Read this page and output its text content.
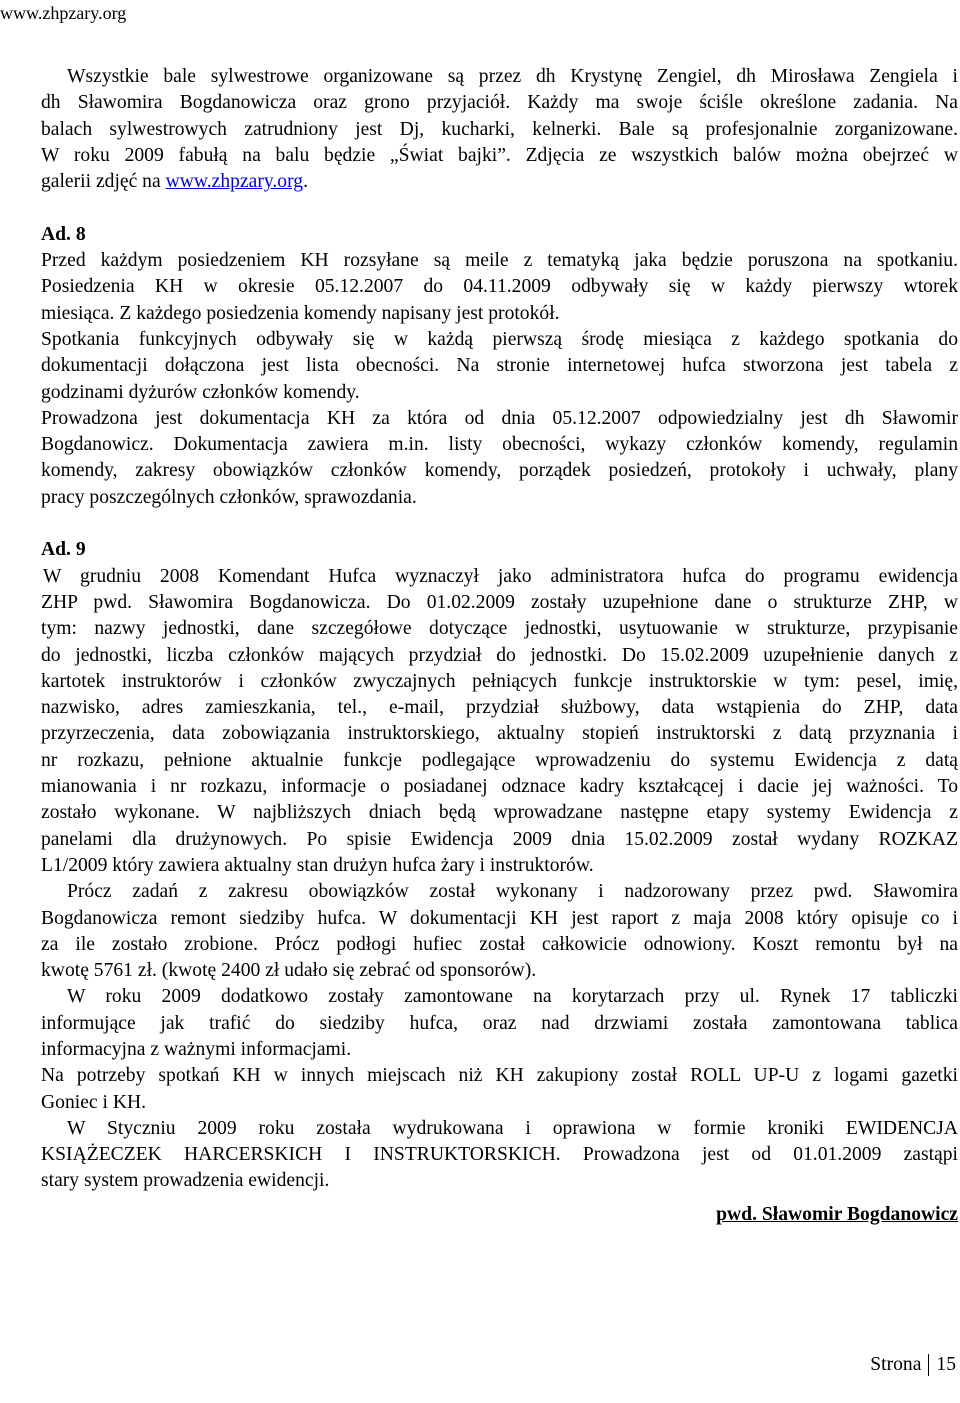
www.zhpzary.org
Wszystkie bale sylwestrowe organizowane są przez dh Krystynę Zengiel, dh Mirosława Zengiela i
dh Sławomira Bogdanowicza oraz grono przyjaciół. Każdy ma swoje ściśle określone zadania. Na
balach sylwestrowych zatrudniony jest Dj, kucharki, kelnerki. Bale są profesjonalnie zorganizowane.
W roku 2009 fabułą na balu będzie „Świat bajki”. Zdjęcia ze wszystkich balów można obejrzeć w
galerii zdjęć na www.zhpzary.org.
Ad. 8
Przed każdym posiedzeniem KH rozsyłane są meile z tematyką jaka będzie poruszona na spotkaniu.
Posiedzenia KH w okresie 05.12.2007 do 04.11.2009 odbywały się w każdy pierwszy wtorek
miesiąca. Z każdego posiedzenia komendy napisany jest protokół.
Spotkania funkcyjnych odbywały się w każdą pierwszą środę miesiąca z każdego spotkania do
dokumentacji dołączona jest lista obecności. Na stronie internetowej hufca stworzona jest tabela z
godzinami dyżurów członków komendy.
Prowadzona jest dokumentacja KH za która od dnia 05.12.2007 odpowiedzialny jest dh Sławomir
Bogdanowicz. Dokumentacja zawiera m.in. listy obecności, wykazy członków komendy, regulamin
komendy, zakresy obowiązków członków komendy, porządek posiedzeń, protokoły i uchwały, plany
pracy poszczególnych członków, sprawozdania.
Ad. 9
W grudniu 2008 Komendant Hufca wyznaczył jako administratora hufca do programu ewidencja
ZHP pwd. Sławomira Bogdanowicza. Do 01.02.2009 zostały uzupełnione dane o strukturze ZHP, w
tym: nazwy jednostki, dane szczegółowe dotyczące jednostki, usytuowanie w strukturze, przypisanie
do jednostki, liczba członków mających przydział do jednostki. Do 15.02.2009 uzupełnienie danych z
kartotek instruktorów i członków zwyczajnych pełniących funkcje instruktorskie w tym: pesel, imię,
nazwisko, adres zamieszkania, tel., e-mail, przydział służbowy, data wstąpienia do ZHP, data
przyrzeczenia, data zobowiązania instruktorskiego, aktualny stopień instruktorski z datą przyznania i
nr rozkazu, pełnione aktualnie funkcje podlegające wprowadzeniu do systemu Ewidencja z datą
mianowania i nr rozkazu, informacje o posiadanej odznace kadry kształcącej i dacie jej ważności. To
zostało wykonane. W najbliższych dniach będą wprowadzane następne etapy systemy Ewidencja z
panelami dla drużynowych. Po spisie Ewidencja 2009 dnia 15.02.2009 został wydany ROZKAZ
L1/2009 który zawiera aktualny stan drużyn hufca żary i instruktorów.
Prócz zadań z zakresu obowiązków został wykonany i nadzorowany przez pwd. Sławomira
Bogdanowicza remont siedziby hufca. W dokumentacji KH jest raport z maja 2008 który opisuje co i
za ile zostało zrobione. Prócz podłogi hufiec został całkowicie odnowiony. Koszt remontu był na
kwotę 5761 zł. (kwotę 2400 zł udało się zebrać od sponsorów).
W roku 2009 dodatkowo zostały zamontowane na korytarzach przy ul. Rynek 17 tabliczki
informujące jak trafić do siedziby hufca, oraz nad drzwiami została zamontowana tablica
informacyjna z ważnymi informacjami.
Na potrzeby spotkań KH w innych miejscach niż KH zakupiony został ROLL UP-U z logami gazetki
Goniec i KH.
W Styczniu 2009 roku została wydrukowana i oprawiona w formie kroniki EWIDENCJA
KSIĄŻECZEK HARCERSKICH I INSTRUKTORSKICH. Prowadzona jest od 01.01.2009 zastąpi
stary system prowadzenia ewidencji.
pwd. Sławomir Bogdanowicz
Strona 15
